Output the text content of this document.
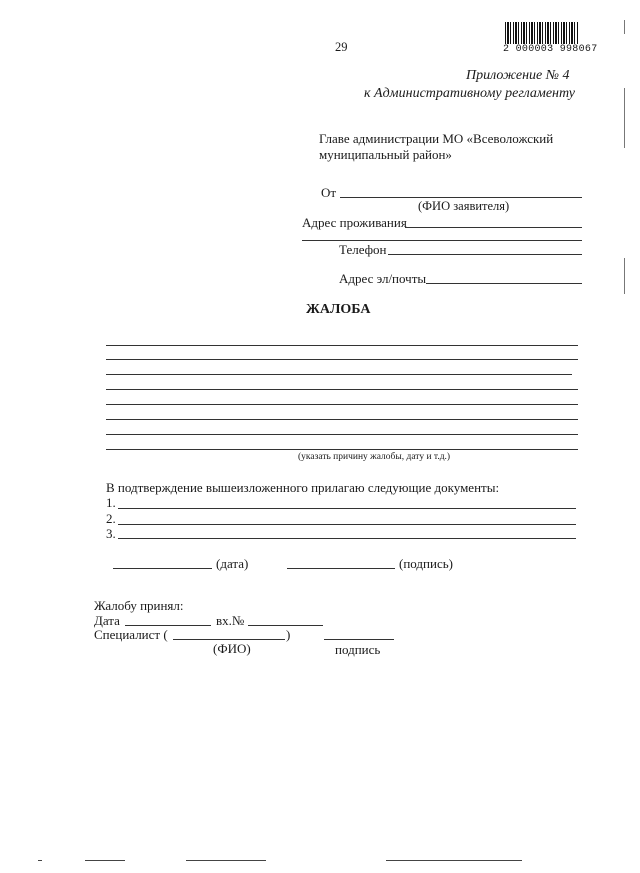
2 000003 998067
29
Приложение № 4
к Административному регламенту
Главе администрации МО «Всеволожский
муниципальный район»
От
(ФИО заявителя)
Адрес проживания
Телефон
Адрес эл/почты
ЖАЛОБА
(указать причину жалобы, дату и т.д.)
В подтверждение вышеизложенного прилагаю следующие документы:
1.
2.
3.
(дата)	(подпись)
Жалобу принял:
Дата	вх.№
Специалист (	)
(ФИО)	подпись
